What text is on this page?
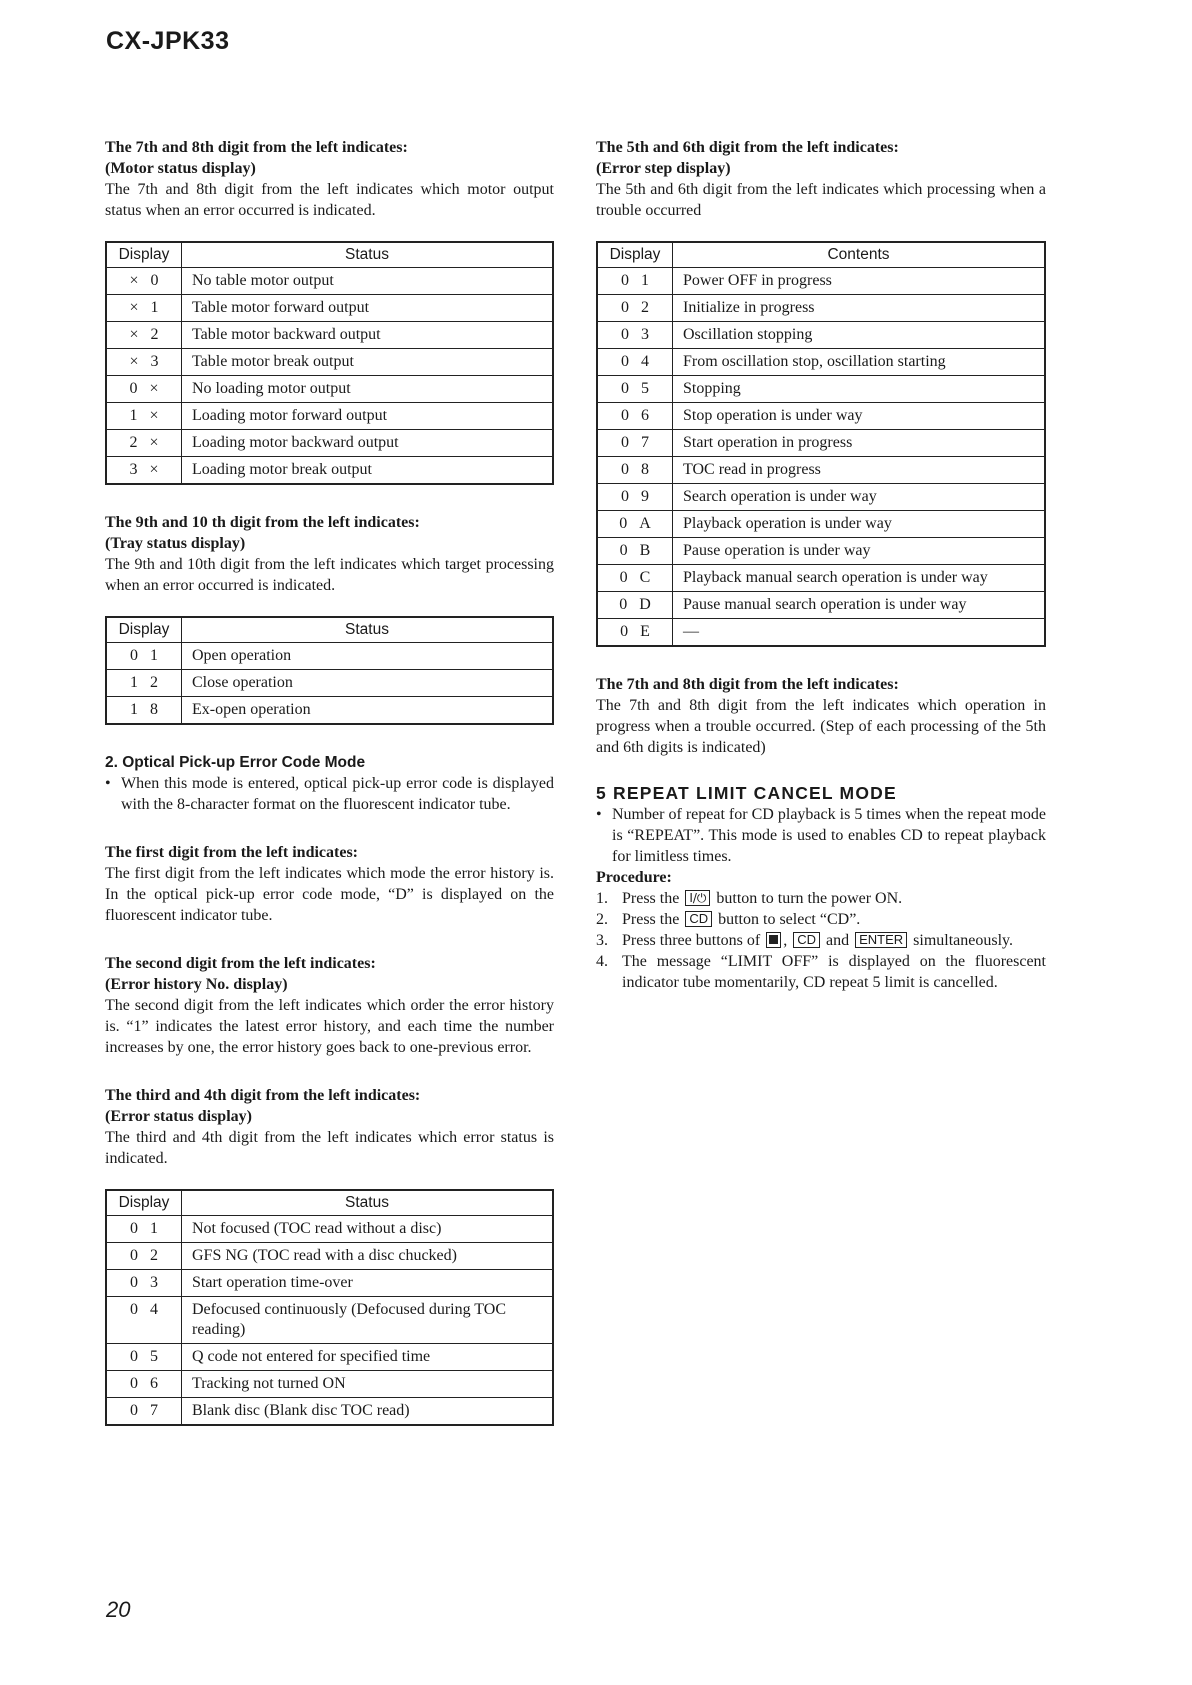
CX-JPK33

The 7th and 8th digit from the left indicates:

(Motor status display)

The 7th and 8th digit from the left indicates which motor output status when an error occurred is indicated.

Display	Status
×   0	No table motor output
×   1	Table motor forward output
×   2	Table motor backward output
×   3	Table motor break output
0   ×	No loading motor output
1   ×	Loading motor forward output
2   ×	Loading motor backward output
3   ×	Loading motor break output

The 9th and 10 th digit from the left indicates:

(Tray status display)

The 9th and 10th digit from the left indicates which target processing when an error occurred is indicated.

Display	Status
0   1	Open operation
1   2	Close operation
1   8	Ex-open operation
2. Optical Pick-up Error Code Mode
• When this mode is entered, optical pick-up error code is displayed with the 8-character format on the fluorescent indicator tube.

The first digit from the left indicates:

The first digit from the left indicates which mode the error history is. In the optical pick-up error code mode, “D” is displayed on the fluorescent indicator tube.

The second digit from the left indicates:

(Error history No. display)

The second digit from the left indicates which order the error history is. “1” indicates the latest error history, and each time the number increases by one, the error history goes back to one-previous error.

The third and 4th digit from the left indicates:

(Error status display)

The third and 4th digit from the left indicates which error status is indicated.

Display	Status
0   1	Not focused (TOC read without a disc)
0   2	GFS NG (TOC read with a disc chucked)
0   3	Start operation time-over
0   4	Defocused continuously (Defocused during TOC reading)
0   5	Q code not entered for specified time
0   6	Tracking not turned ON
0   7	Blank disc (Blank disc TOC read)

The 5th and 6th digit from the left indicates:

(Error step display)

The 5th and 6th digit from the left indicates which processing when a trouble occurred

Display	Contents
0   1	Power OFF in progress
0   2	Initialize in progress
0   3	Oscillation stopping
0   4	From oscillation stop, oscillation starting
0   5	Stopping
0   6	Stop operation is under way
0   7	Start operation in progress
0   8	TOC read in progress
0   9	Search operation is under way
0   A	Playback operation is under way
0   B	Pause operation is under way
0   C	Playback manual search operation is under way
0   D	Pause manual search operation is under way
0   E	—

The 7th and 8th digit from the left indicates:

The 7th and 8th digit from the left indicates which operation in progress when a trouble occurred. (Step of each processing of the 5th and 6th digits is indicated)

5 REPEAT LIMIT CANCEL MODE
• Number of repeat for CD playback is 5 times when the repeat mode is “REPEAT”. This mode is used to enables CD to repeat playback for limitless times.

Procedure:

1. Press the I/⏻ button to turn the power ON.
2. Press the CD button to select “CD”.
3. Press three buttons of , CD and ENTER simultaneously.
4. The message “LIMIT OFF” is displayed on the fluorescent indicator tube momentarily, CD repeat 5 limit is cancelled.
20
